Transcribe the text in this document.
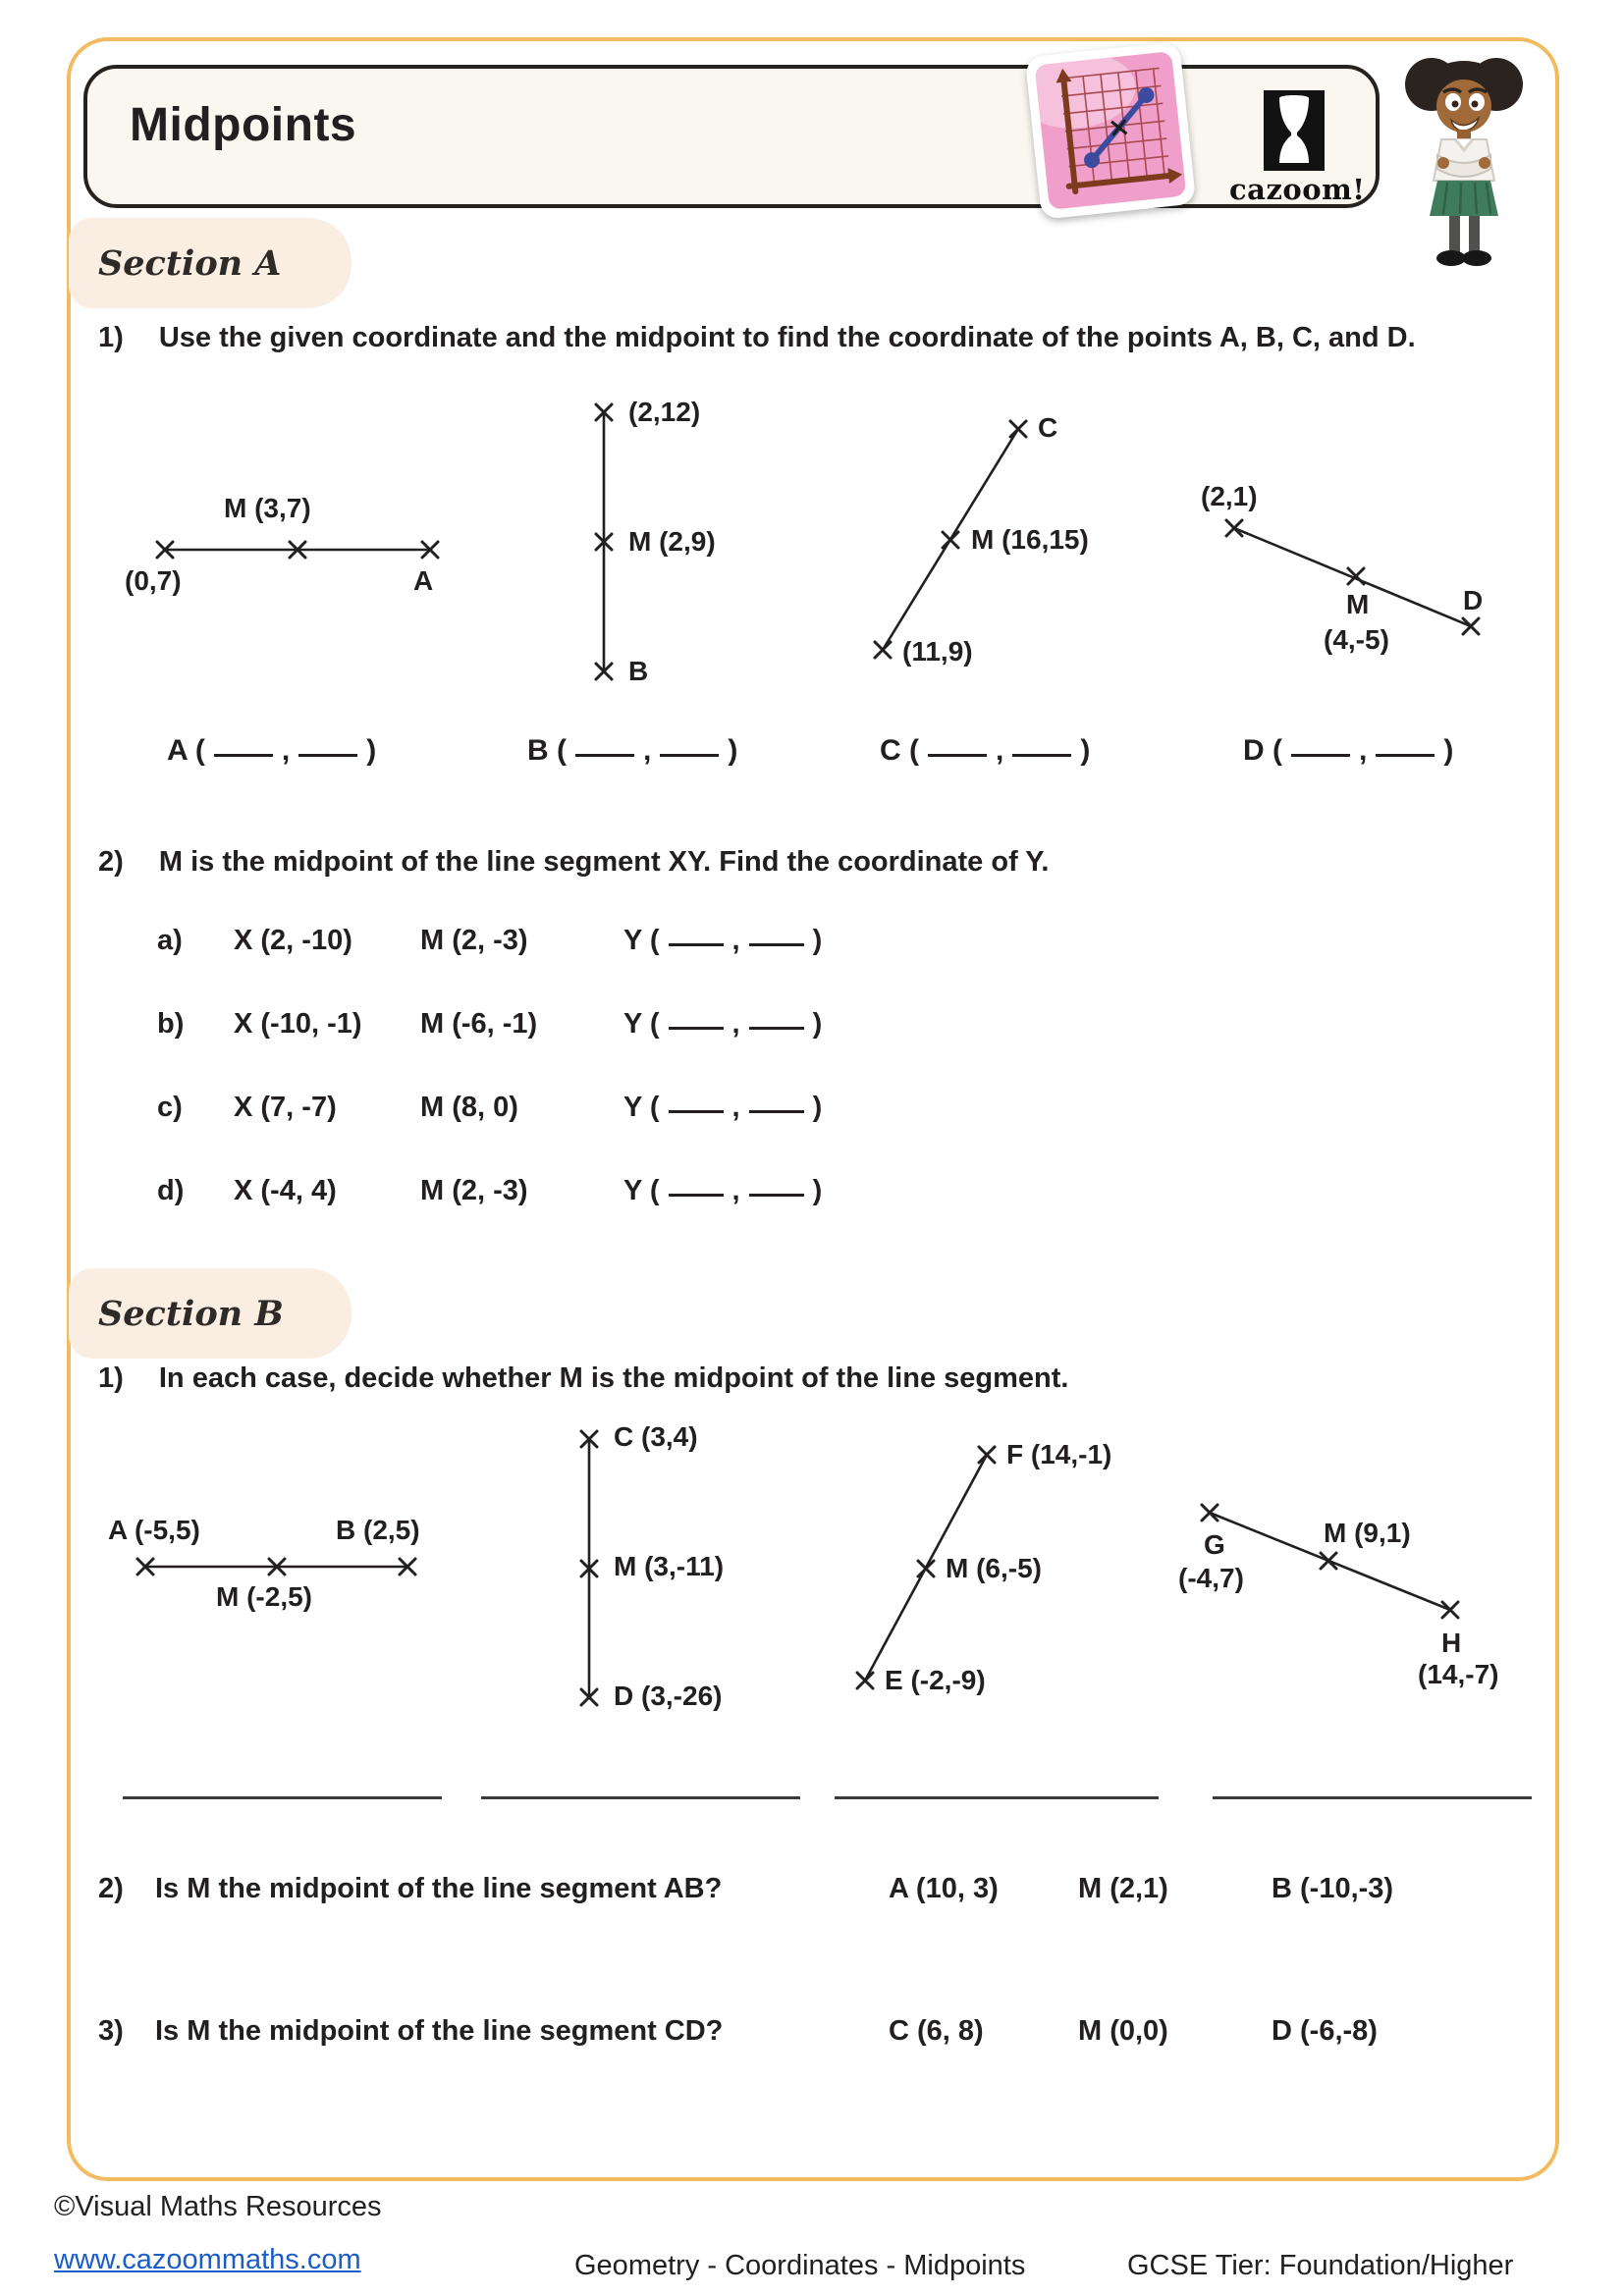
Midpoints
cazoom!
Section A
1) Use the given coordinate and the midpoint to find the coordinate of the points A, B, C, and D.
M (3,7)
(0,7)	A
(2,12)
M (2,9)
B
C
M (16,15)
(11,9)
(2,1)
M
(4,-5)
D
A (	,	)	B (	,	)	C (	,	)	D (	,	)
2) M is the midpoint of the line segment XY. Find the coordinate of Y.
a) X (2, -10) M (2, -3)	Y (	,	)
b) X (-10, -1) M (-6, -1)	Y (	,	)
c) X (7, -7)	M (8, 0)	Y (	,	)
d) X (-4, 4)	M (2, -3)	Y (	,	)
Section B
1) In each case, decide whether M is the midpoint of the line segment.
A (-5,5)	B (2,5)
M (-2,5)
C (3,4)
M (3,-11)
D (3,-26)
F (14,-1)
M (6,-5)
E (-2,-9)
G
(-4,7)
M (9,1)
H
(14,-7)
2) Is M the midpoint of the line segment AB?	A (10, 3)	M (2,1)	B (-10,-3)
3) Is M the midpoint of the line segment CD?	C (6, 8)	M (0,0)	D (-6,-8)
©Visual Maths Resources
www.cazoommaths.com	Geometry - Coordinates - Midpoints	GCSE Tier: Foundation/Higher
